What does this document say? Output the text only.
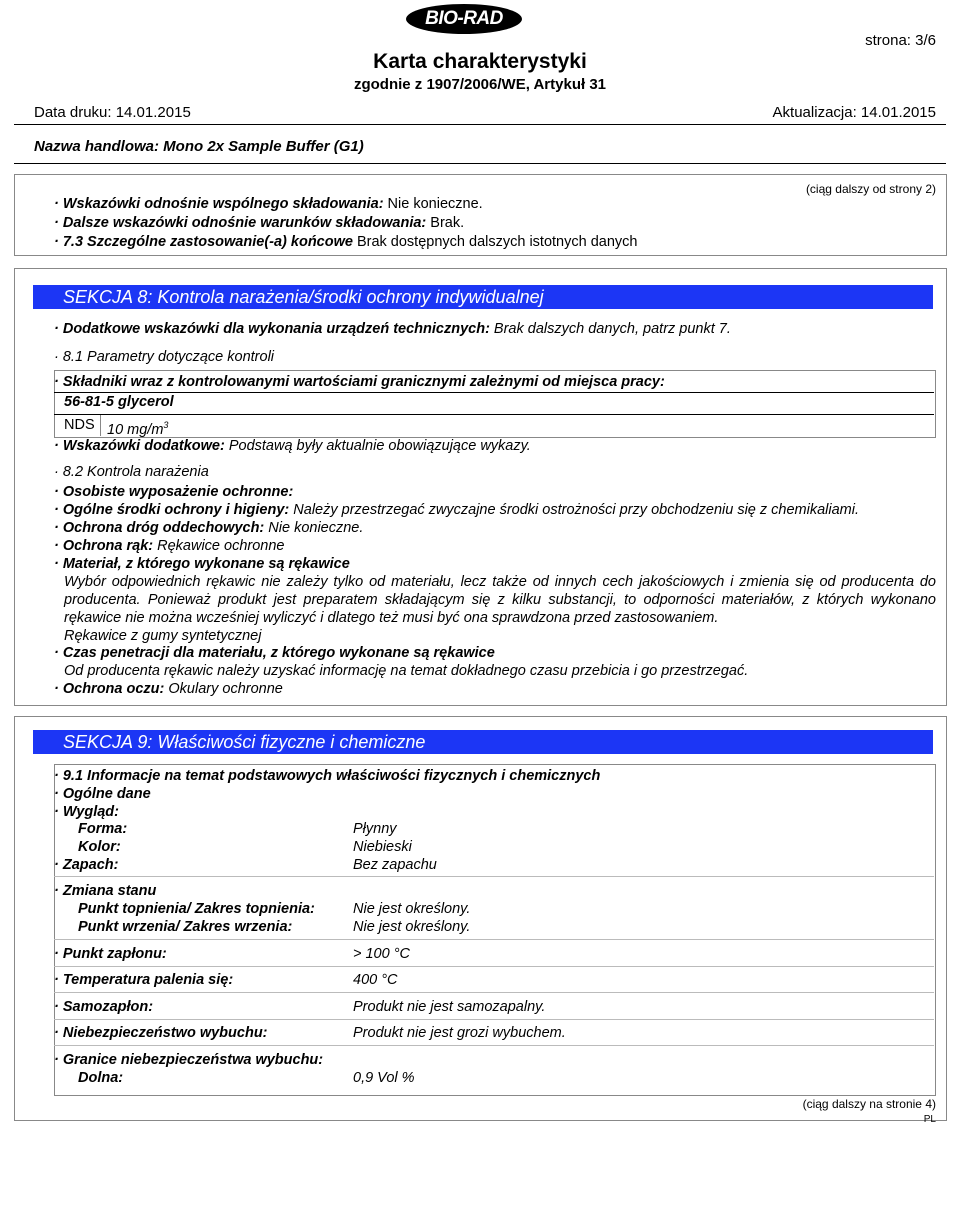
BIO-RAD
strona: 3/6
Karta charakterystyki
zgodnie z 1907/2006/WE, Artykuł 31
Data druku: 14.01.2015	Aktualizacja: 14.01.2015
Nazwa handlowa: Mono 2x Sample Buffer (G1)
(ciąg dalszy od strony 2)
· Wskazówki odnośnie wspólnego składowania: Nie konieczne.
· Dalsze wskazówki odnośnie warunków składowania: Brak.
· 7.3 Szczególne zastosowanie(-a) końcowe Brak dostępnych dalszych istotnych danych
SEKCJA 8: Kontrola narażenia/środki ochrony indywidualnej
· Dodatkowe wskazówki dla wykonania urządzeń technicznych: Brak dalszych danych, patrz punkt 7.
· 8.1 Parametry dotyczące kontroli
· Składniki wraz z kontrolowanymi wartościami granicznymi zależnymi od miejsca pracy:
56-81-5 glycerol
NDS 10 $mg/m^3$
· Wskazówki dodatkowe: Podstawą były aktualnie obowiązujące wykazy.
· 8.2 Kontrola narażenia
· Osobiste wyposażenie ochronne:
· Ogólne środki ochrony i higieny: Należy przestrzegać zwyczajne środki ostrożności przy obchodzeniu się z chemikaliami.
· Ochrona dróg oddechowych: Nie konieczne.
· Ochrona rąk: Rękawice ochronne
· Materiał, z którego wykonane są rękawice
Wybór odpowiednich rękawic nie zależy tylko od materiału, lecz także od innych cech jakościowych i zmienia się od producenta do producenta. Ponieważ produkt jest preparatem składającym się z kilku substancji, to odporności materiałów, z których wykonano rękawice nie można wcześniej wyliczyć i dlatego też musi być ona sprawdzona przed zastosowaniem.
Rękawice z gumy syntetycznej
· Czas penetracji dla materiału, z którego wykonane są rękawice
Od producenta rękawic należy uzyskać informację na temat dokładnego czasu przebicia i go przestrzegać.
· Ochrona oczu: Okulary ochronne
SEKCJA 9: Właściwości fizyczne i chemiczne
· 9.1 Informacje na temat podstawowych właściwości fizycznych i chemicznych
· Ogólne dane
· Wygląd:
Forma:	Płynny
Kolor:	Niebieski
· Zapach:	Bez zapachu
· Zmiana stanu
Punkt topnienia/ Zakres topnienia:	Nie jest określony.
Punkt wrzenia/ Zakres wrzenia:	Nie jest określony.
· Punkt zapłonu:	> 100 °C
· Temperatura palenia się:	400 °C
· Samozapłon:	Produkt nie jest samozapalny.
· Niebezpieczeństwo wybuchu:	Produkt nie jest grozi wybuchem.
· Granice niebezpieczeństwa wybuchu:
Dolna:	0,9 Vol %
(ciąg dalszy na stronie 4)
PL
